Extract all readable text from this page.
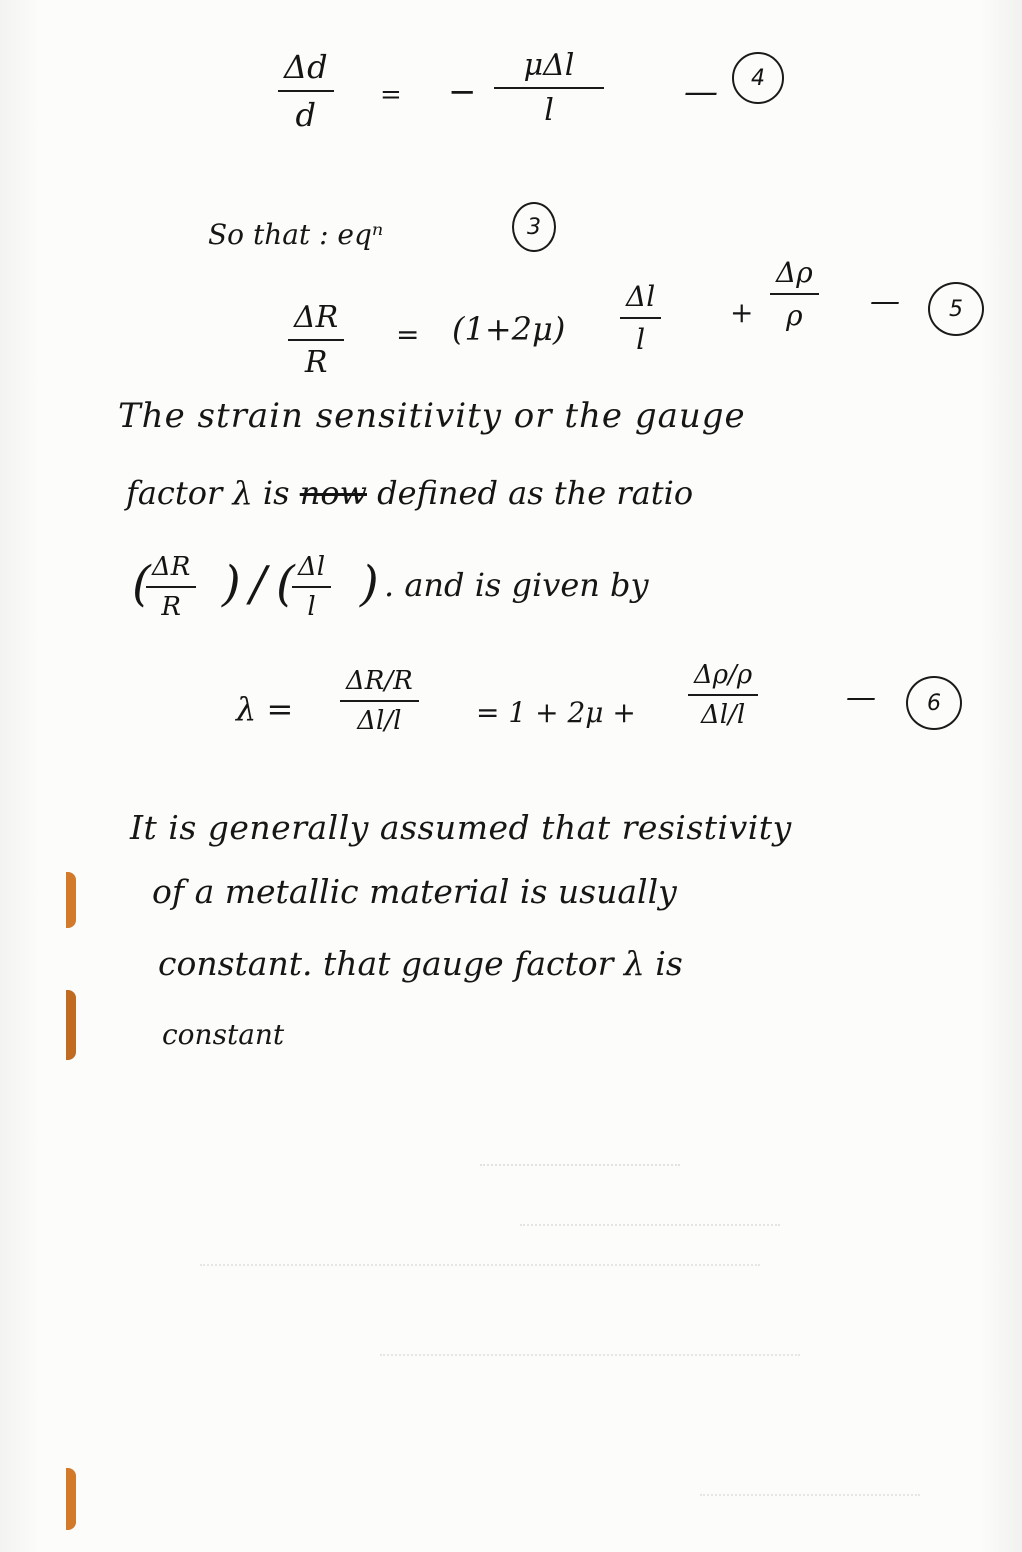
Δd
d
= −
μΔl
l	—	4
So that : eqⁿ	3
ΔR
R
= (1+2μ)
Δl
l
+
Δρ
ρ	—	5
The strain sensitivity or the gauge
factor λ is now defined as the ratio
( ΔR
R ) / ( Δl
l ) . and is given by
λ =
ΔR/R
Δl/l	= 1 + 2μ +
Δρ/ρ
Δl/l	—	6
It is generally assumed that resistivity
of a metallic material is usually
constant. that gauge factor λ is
constant
